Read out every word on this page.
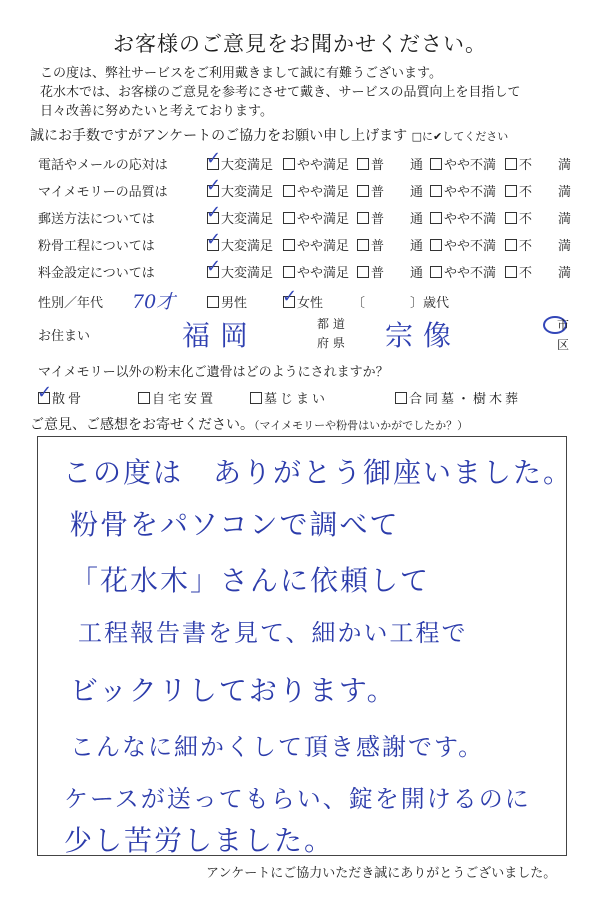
お客様のご意見をお聞かせください。
この度は、弊社サービスをご利用戴きまして誠に有難うございます。
花水木では、お客様のご意見を参考にさせて戴き、サービスの品質向上を目指して
日々改善に努めたいと考えております。
誠にお手数ですがアンケートのご協力をお願い申し上げます □に✔してください
電話やメールの応対は ✓ 大変満足	やや満足	普　　通	やや不満	不　　満
マイメモリーの品質は ✓ 大変満足	やや満足	普　　通	やや不満	不　　満
郵送方法については	✓ 大変満足	やや満足	普　　通	やや不満	不　　満
粉骨工程については	✓ 大変満足	やや満足	普　　通	やや不満	不　　満
料金設定については	✓ 大変満足	やや満足	普　　通	やや不満	不　　満
性別／年代 70才	男性 ✓ 女性 〔	〕歳代
お住まい	福岡	都 道
府 県 宗像	市
区
マイメモリー以外の粉末化ご遺骨はどのようにされますか？
✓
散骨	自宅安置	墓じまい	合同墓・樹木葬
ご意見、ご感想をお寄せください。（マイメモリーや粉骨はいかがでしたか？）
この度は　ありがとう御座いました。
粉骨をパソコンで調べて
「花水木」さんに依頼して
工程報告書を見て、細かい工程で
ビックリしております。
こんなに細かくして頂き感謝です。
ケースが送ってもらい、錠を開けるのに
少し苦労しました。
アンケートにご協力いただき誠にありがとうございました。
